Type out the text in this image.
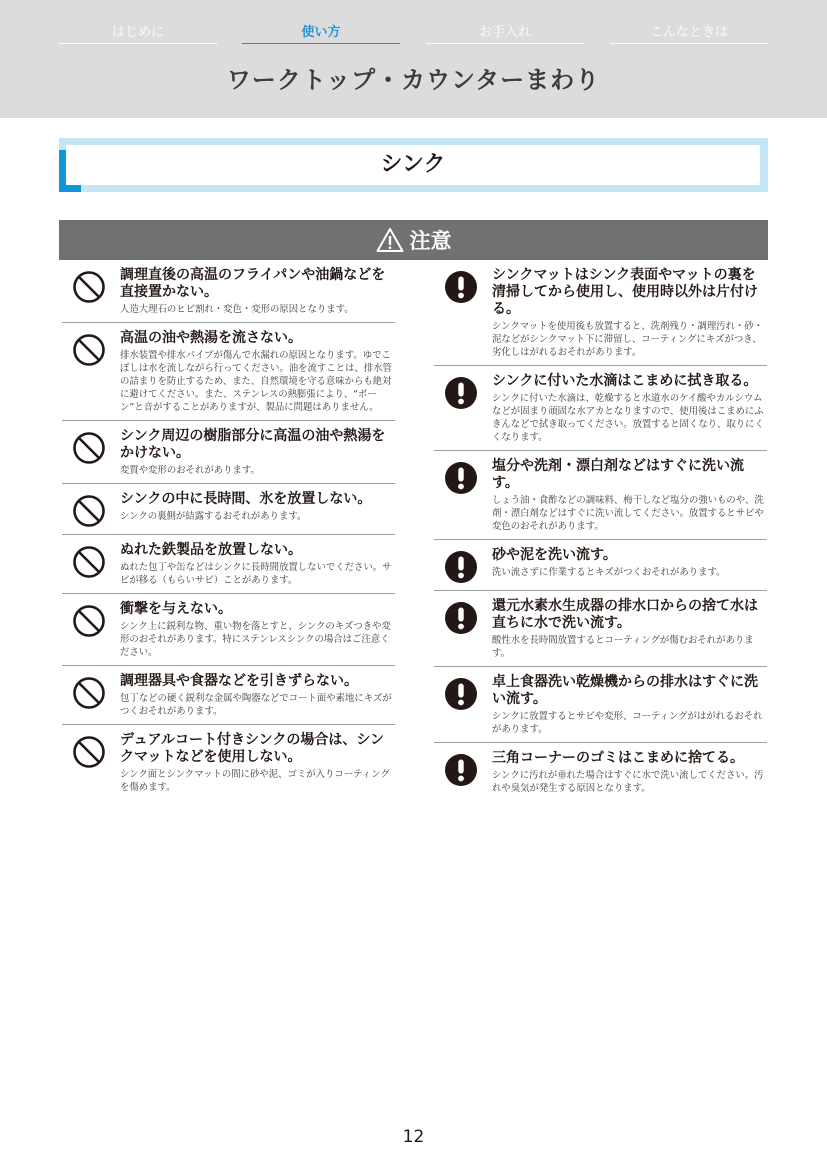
はじめに	使い方	お手入れ	こんなときは
ワークトップ・カウンターまわり
シンク
注意
調理直後の高温のフライパンや油鍋などを直接置かない。
人造大理石のヒビ割れ・変色・変形の原因となります。
高温の油や熱湯を流さない。
排水装置や排水パイプが傷んで水漏れの原因となります。ゆでこぼしは水を流しながら行ってください。油を流すことは、排水管の詰まりを防止するため、また、自然環境を守る意味からも絶対に避けてください。また、ステンレスの熱膨張により、“ボーン”と音がすることがありますが、製品に問題はありません。
シンク周辺の樹脂部分に高温の油や熱湯をかけない。
変質や変形のおそれがあります。
シンクの中に長時間、氷を放置しない。
シンクの裏側が結露するおそれがあります。
ぬれた鉄製品を放置しない。
ぬれた包丁や缶などはシンクに長時間放置しないでください。サビが移る（もらいサビ）ことがあります。
衝撃を与えない。
シンク上に鋭利な物、重い物を落とすと、シンクのキズつきや変形のおそれがあります。特にステンレスシンクの場合はご注意ください。
調理器具や食器などを引きずらない。
包丁などの硬く鋭利な金属や陶器などでコート面や素地にキズがつくおそれがあります。
デュアルコート付きシンクの場合は、シンクマットなどを使用しない。
シンク面とシンクマットの間に砂や泥、ゴミが入りコーティングを傷めます。
シンクマットはシンク表面やマットの裏を清掃してから使用し、使用時以外は片付ける。
シンクマットを使用後も放置すると、洗剤残り・調理汚れ・砂・泥などがシンクマット下に滞留し、コーティングにキズがつき、劣化しはがれるおそれがあります。
シンクに付いた水滴はこまめに拭き取る。
シンクに付いた水滴は、乾燥すると水道水のケイ酸やカルシウムなどが固まり頑固な水アカとなりますので、使用後はこまめにふきんなどで拭き取ってください。放置すると固くなり、取りにくくなります。
塩分や洗剤・漂白剤などはすぐに洗い流す。
しょう油・食酢などの調味料、梅干しなど塩分の強いものや、洗剤・漂白剤などはすぐに洗い流してください。放置するとサビや変色のおそれがあります。
砂や泥を洗い流す。
洗い流さずに作業するとキズがつくおそれがあります。
還元水素水生成器の排水口からの捨て水は直ちに水で洗い流す。
酸性水を長時間放置するとコーティングが傷むおそれがあります。
卓上食器洗い乾燥機からの排水はすぐに洗い流す。
シンクに放置するとサビや変形、コーティングがはがれるおそれがあります。
三角コーナーのゴミはこまめに捨てる。
シンクに汚れが垂れた場合はすぐに水で洗い流してください。汚れや臭気が発生する原因となります。
12
